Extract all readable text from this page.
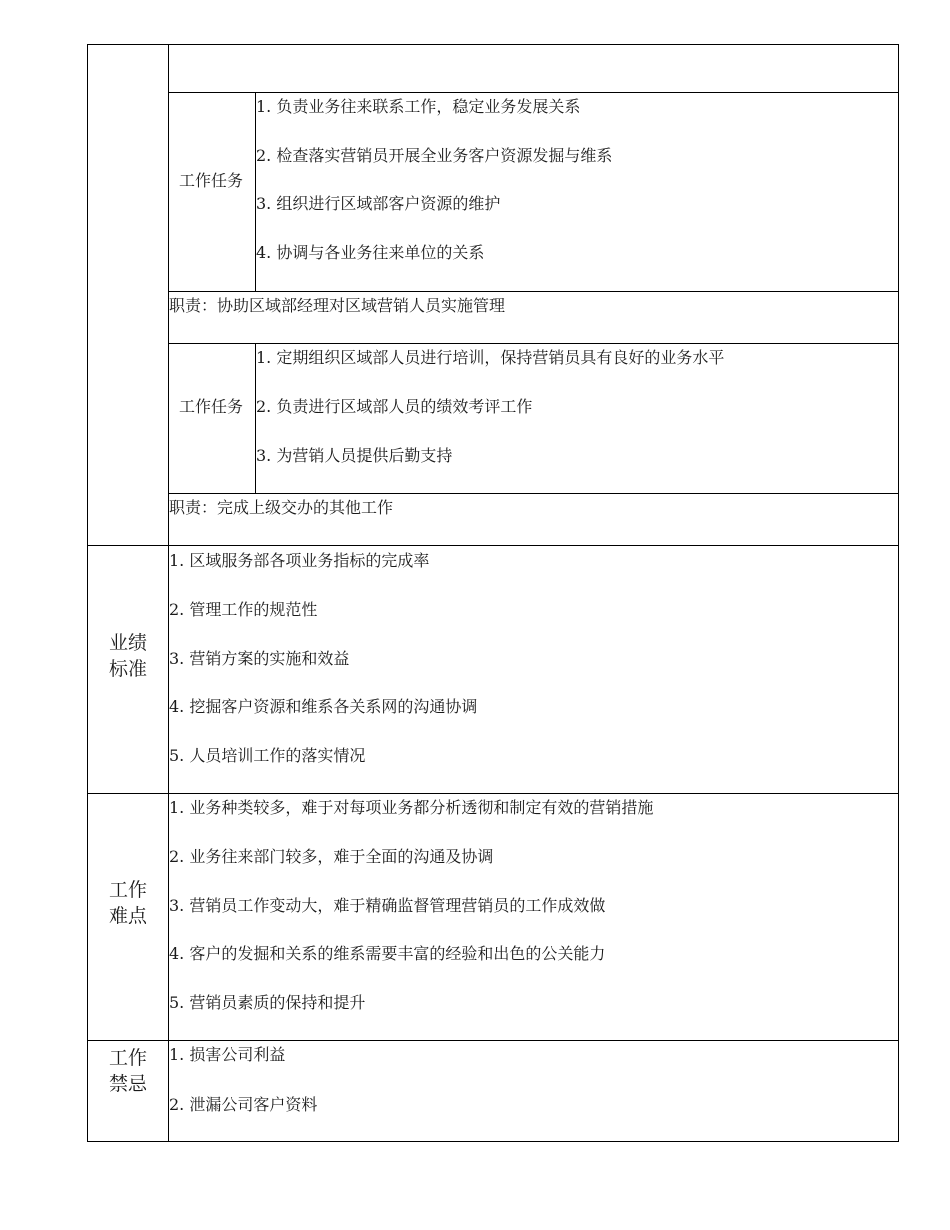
工作任务
1. 负责业务往来联系工作，稳定业务发展关系
2. 检查落实营销员开展全业务客户资源发掘与维系
3. 组织进行区域部客户资源的维护
4. 协调与各业务往来单位的关系
职责：协助区域部经理对区域营销人员实施管理
工作任务
1. 定期组织区域部人员进行培训，保持营销员具有良好的业务水平
2. 负责进行区域部人员的绩效考评工作
3. 为营销人员提供后勤支持
职责：完成上级交办的其他工作
业绩
标准
1. 区域服务部各项业务指标的完成率
2. 管理工作的规范性
3. 营销方案的实施和效益
4. 挖掘客户资源和维系各关系网的沟通协调
5. 人员培训工作的落实情况
工作
难点
1. 业务种类较多，难于对每项业务都分析透彻和制定有效的营销措施
2. 业务往来部门较多，难于全面的沟通及协调
3. 营销员工作变动大，难于精确监督管理营销员的工作成效做
4. 客户的发掘和关系的维系需要丰富的经验和出色的公关能力
5. 营销员素质的保持和提升
工作
禁忌
1. 损害公司利益
2. 泄漏公司客户资料
